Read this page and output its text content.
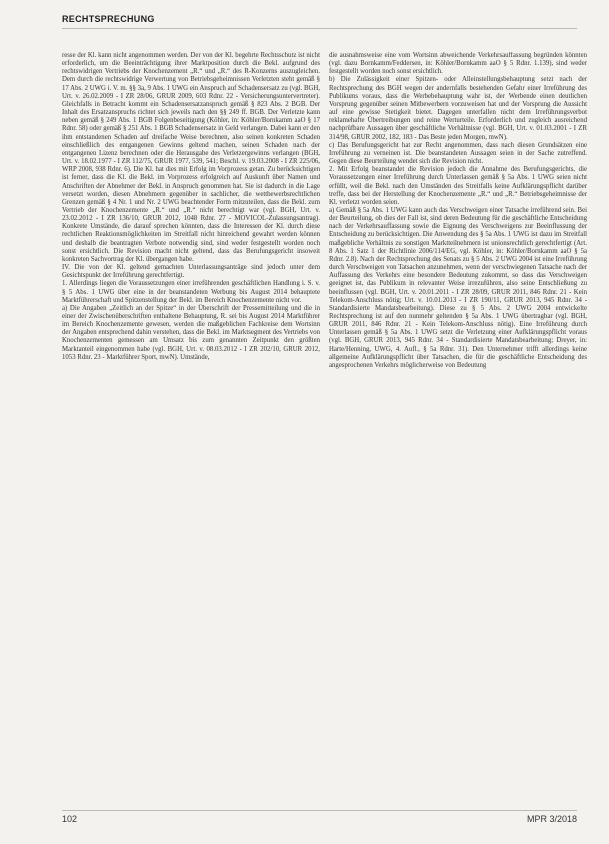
RECHTSPRECHUNG

resse der Kl. kann nicht angenommen werden. Der von der Kl. begehrte Rechtsschutz ist nicht erforderlich, um die Beeinträchtigung ihrer Marktposition durch die Bekl. aufgrund des rechtswidrigen Vertriebs der Knochenzement „R.“ und „R.“ des R-Konzerns auszugleichen. Dem durch die rechtswidrige Verwertung von Betriebsgeheimnissen Verletzten steht gemäß § 17 Abs. 2 UWG i. V. m. §§ 3a, 9 Abs. 1 UWG ein Anspruch auf Schadensersatz zu (vgl. BGH, Urt. v. 26.02.2009 - I ZR 28/06, GRUR 2009, 603 Rdnr. 22 - Versicherungsuntervertreter). Gleichfalls in Betracht kommt ein Schadensersatzanspruch gemäß § 823 Abs. 2 BGB. Der Inhalt des Ersatzanspruchs richtet sich jeweils nach den §§ 249 ff. BGB. Der Verletzte kann neben gemäß § 249 Abs. 1 BGB Folgenbeseitigung (Köhler, in: Köhler/Bornkamm aaO § 17 Rdnr. 58) oder gemäß § 251 Abs. 1 BGB Schadensersatz in Geld verlangen. Dabei kann er den ihm entstandenen Schaden auf dreifache Weise berechnen, also seinen konkreten Schaden einschließlich des entgangenen Gewinns geltend machen, seinen Schaden nach der entgangenen Lizenz berechnen oder die Herausgabe des Verletzergewinns verlangen (BGH, Urt. v. 18.02.1977 - I ZR 112/75, GRUR 1977, 539, 541; Beschl. v. 19.03.2008 - I ZR 225/06, WRP 2008, 938 Rdnr. 6). Die Kl. hat dies mit Erfolg im Vorprozess getan. Zu berücksichtigen ist ferner, dass die Kl. die Bekl. im Vorprozess erfolgreich auf Auskunft über Namen und Anschriften der Abnehmer der Bekl. in Anspruch genommen hat. Sie ist dadurch in die Lage versetzt worden, diesen Abnehmern gegenüber in sachlicher, die wettbewerbsrechtlichen Grenzen gemäß § 4 Nr. 1 und Nr. 2 UWG beachtender Form mitzuteilen, dass die Bekl. zum Vertrieb der Knochenzemente „R.“ und „R.“ nicht berechtigt war (vgl. BGH, Urt. v. 23.02.2012 - I ZR 136/10, GRUR 2012, 1048 Rdnr. 27 - MOVICOL-Zulassungsantrag). Konkrete Umstände, die darauf sprechen könnten, dass die Interessen der Kl. durch diese rechtlichen Reaktionsmöglichkeiten im Streitfall nicht hinreichend gewahrt werden können und deshalb die beantragten Verbote notwendig sind, sind weder festgestellt worden noch sonst ersichtlich. Die Revision macht nicht geltend, dass das Berufungsgericht insoweit konkreten Sachvortrag der Kl. übergangen habe.

IV. Die von der Kl. geltend gemachten Unterlassungsanträge sind jedoch unter dem Gesichtspunkt der Irreführung gerechtfertigt.

1. Allerdings liegen die Voraussetzungen einer irreführenden geschäftlichen Handlung i. S. v. § 5 Abs. 1 UWG über eine in der beanstandeten Werbung bis August 2014 behauptete Marktführerschaft und Spitzenstellung der Bekl. im Bereich Knochenzemente nicht vor.

a) Die Angaben „Zeitlich an der Spitze“ in der Überschrift der Pressemitteilung und die in einer der Zwischenüberschriften enthaltene Behauptung, R. sei bis August 2014 Marktführer im Bereich Knochenzemente gewesen, werden die maßgeblichen Fachkreise dem Wortsinn der Angaben entsprechend dahin verstehen, dass die Bekl. im Marktsegment des Vertriebs von Knochenzementen gemessen am Umsatz bis zum genannten Zeitpunkt den größten Marktanteil eingenommen habe (vgl. BGH, Urt. v. 08.03.2012 - I ZR 202/10, GRUR 2012, 1053 Rdnr. 23 - Marktführer Sport, mwN). Umstände,

die ausnahmsweise eine vom Wortsinn abweichende Verkehrsauffassung begründen könnten (vgl. dazu Bornkamm/Feddersen, in: Köhler/Bornkamm aaO § 5 Rdnr. 1.139), sind weder festgestellt worden noch sonst ersichtlich.

b) Die Zulässigkeit einer Spitzen- oder Alleinstellungsbehauptung setzt nach der Rechtsprechung des BGH wegen der andernfalls bestehenden Gefahr einer Irreführung des Publikums voraus, dass die Werbebehauptung wahr ist, der Werbende einen deutlichen Vorsprung gegenüber seinen Mitbewerbern vorzuweisen hat und der Vorsprung die Aussicht auf eine gewisse Stetigkeit bietet. Dagegen unterfallen nicht dem Irreführungsverbot reklamehafte Übertreibungen und reine Werturteile. Erforderlich und zugleich ausreichend nachprüfbare Aussagen über geschäftliche Verhältnisse (vgl. BGH, Urt. v. 01.03.2001 - I ZR 314/98, GRUR 2002, 182, 183 - Das Beste jeden Morgen, mwN).

c) Das Berufungsgericht hat zur Recht angenommen, dass nach diesen Grundsätzen eine Irreführung zu verneinen ist. Die beanstandeten Aussagen seien in der Sache zutreffend. Gegen diese Beurteilung wendet sich die Revision nicht.

2. Mit Erfolg beanstandet die Revision jedoch die Annahme des Berufungsgerichts, die Voraussetzungen einer Irreführung durch Unterlassen gemäß § 5a Abs. 1 UWG seien nicht erfüllt, weil die Bekl. nach den Umständen des Streitfalls keine Aufklärungspflicht darüber treffe, dass bei der Herstellung der Knochenzemente „R.“ und „R.“ Betriebsgeheimnisse der Kl. verletzt worden seien.

a) Gemäß § 5a Abs. 1 UWG kann auch das Verschweigen einer Tatsache irreführend sein. Bei der Beurteilung, ob dies der Fall ist, sind deren Bedeutung für die geschäftliche Entscheidung nach der Verkehrsauffassung sowie die Eignung des Verschweigens zur Beeinflussung der Entscheidung zu berücksichtigen. Die Anwendung des § 5a Abs. 1 UWG ist dazu im Streitfall maßgebliche Verhältnis zu sonstigen Marktteilnehmern ist unionsrechtlich gerechtfertigt (Art. 8 Abs. 1 Satz 1 der Richtlinie 2006/114/EG, vgl. Köhler, in: Köhler/Bornkamm aaO § 5a Rdnr. 2.8). Nach der Rechtsprechung des Senats zu § 5 Abs. 2 UWG 2004 ist eine Irreführung durch Verschweigen von Tatsachen anzunehmen, wenn der verschwiegenen Tatsache nach der Auffassung des Verkehrs eine besondere Bedeutung zukommt, so dass das Verschweigen geeignet ist, das Publikum in relevanter Weise irrezuführen, also seine Entschließung zu beeinflussen (vgl. BGH, Urt. v. 20.01.2011 - I ZR 28/09, GRUR 2011, 846 Rdnr. 21 - Kein Telekom-Anschluss nötig; Urt. v. 10.01.2013 - I ZR 190/11, GRUR 2013, 945 Rdnr. 34 - Standardisierte Mandatsbearbeitung). Diese zu § 5 Abs. 2 UWG 2004 entwickelte Rechtsprechung ist auf den nunmehr geltenden § 5a Abs. 1 UWG übertragbar (vgl. BGH, GRUR 2011, 846 Rdnr. 21 - Kein Telekom-Anschluss nötig). Eine Irreführung durch Unterlassen gemäß § 5a Abs. 1 UWG setzt die Verletzung einer Aufklärungspflicht voraus (vgl. BGH, GRUR 2013, 945 Rdnr. 34 - Standardisierte Mandatsbearbeitung; Dreyer, in: Harte/Henning, UWG, 4. Aufl., § 5a Rdnr. 31). Den Unternehmer trifft allerdings keine allgemeine Aufklärungspflicht über Tatsachen, die für die geschäftliche Entscheidung des angesprochenen Verkehrs möglicherweise von Bedeutung

102	MPR 3/2018
